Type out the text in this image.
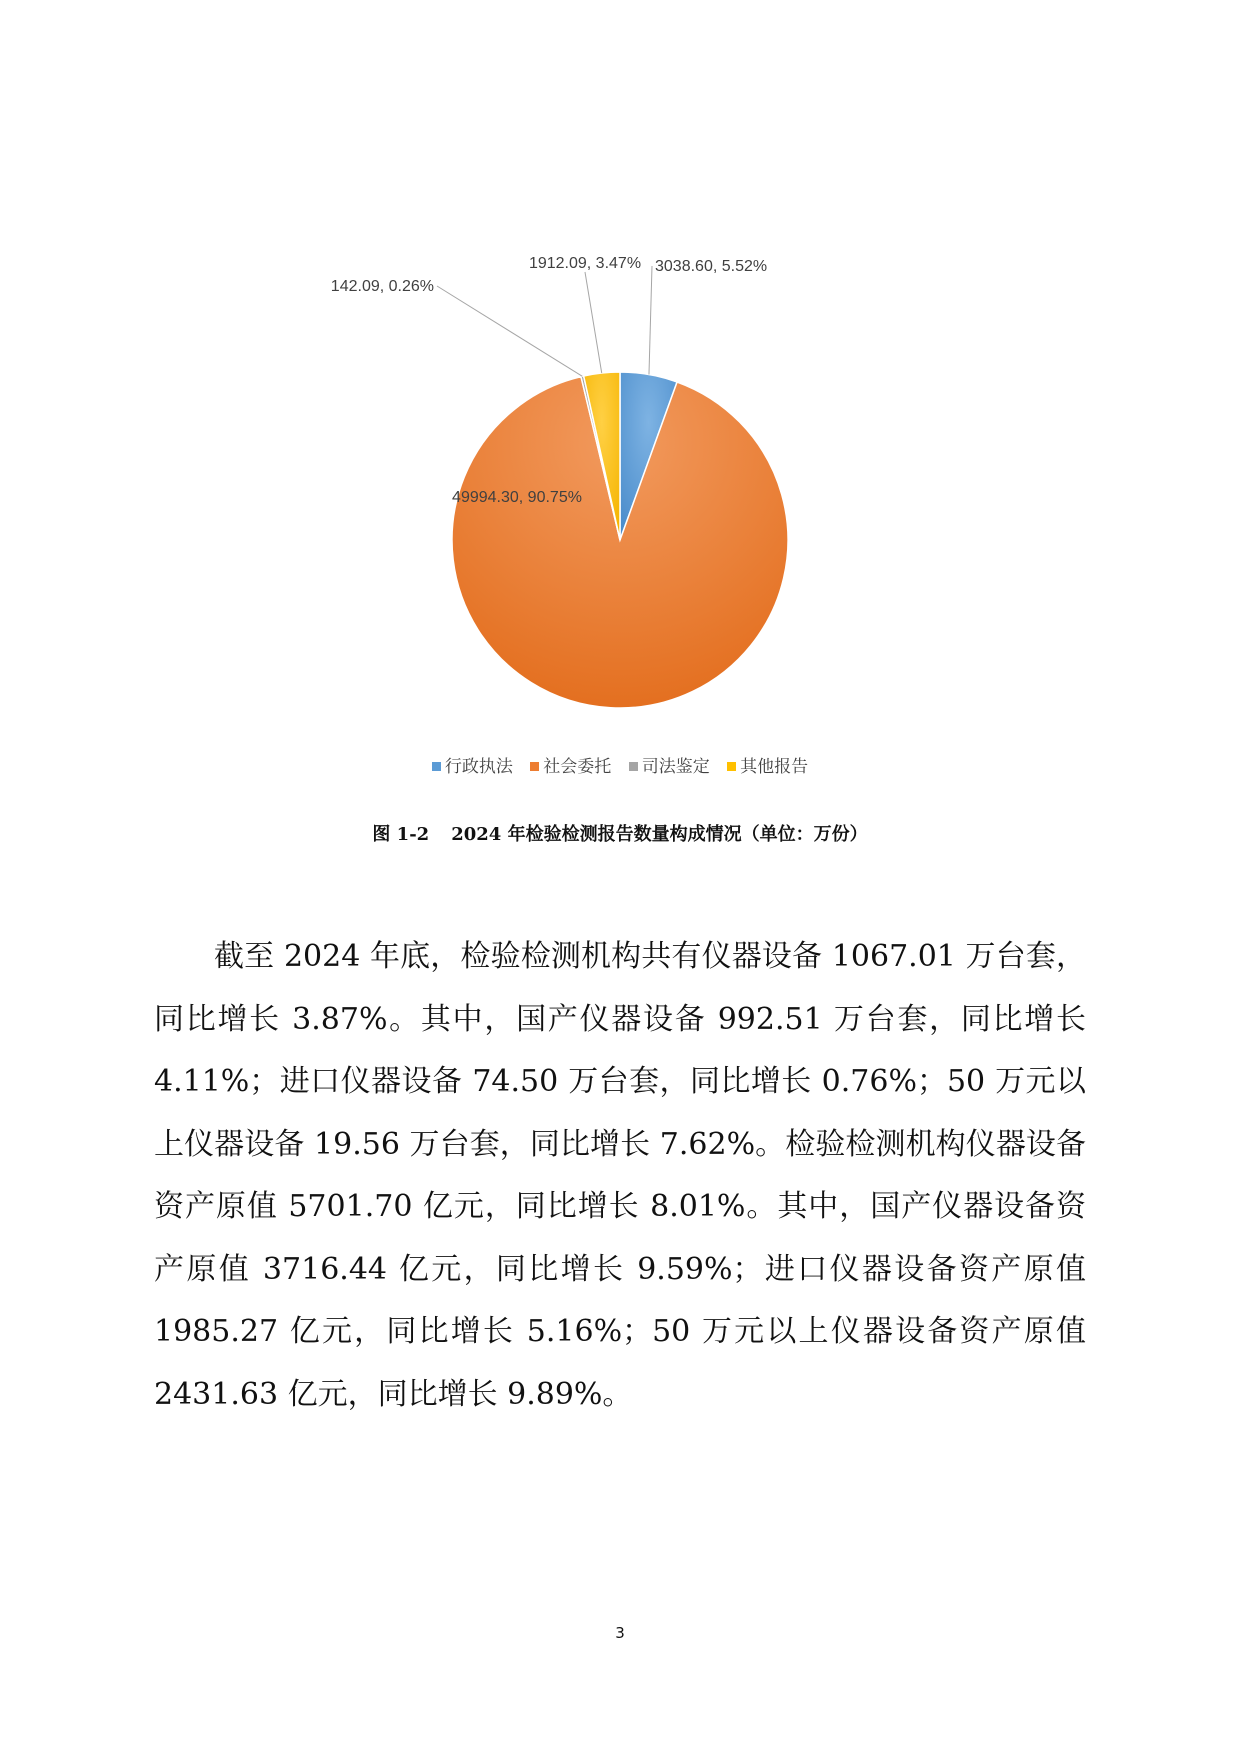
3038.60, 5.52%
49994.30, 90.75%
142.09, 0.26%
1912.09, 3.47%
行政执法 社会委托 司法鉴定 其他报告
图 1-2 2024 年检验检测报告数量构成情况（单位：万份）

截至 2024 年底，检验检测机构共有仪器设备 1067.01 万台套，同比增长 3.87%。其中，国产仪器设备 992.51 万台套，同比增长 4.11%；进口仪器设备 74.50 万台套，同比增长 0.76%；50 万元以上仪器设备 19.56 万台套，同比增长 7.62%。检验检测机构仪器设备资产原值 5701.70 亿元，同比增长 8.01%。其中，国产仪器设备资产原值 3716.44 亿元，同比增长 9.59%；进口仪器设备资产原值 1985.27 亿元，同比增长 5.16%；50 万元以上仪器设备资产原值 2431.63 亿元，同比增长 9.89%。

3
